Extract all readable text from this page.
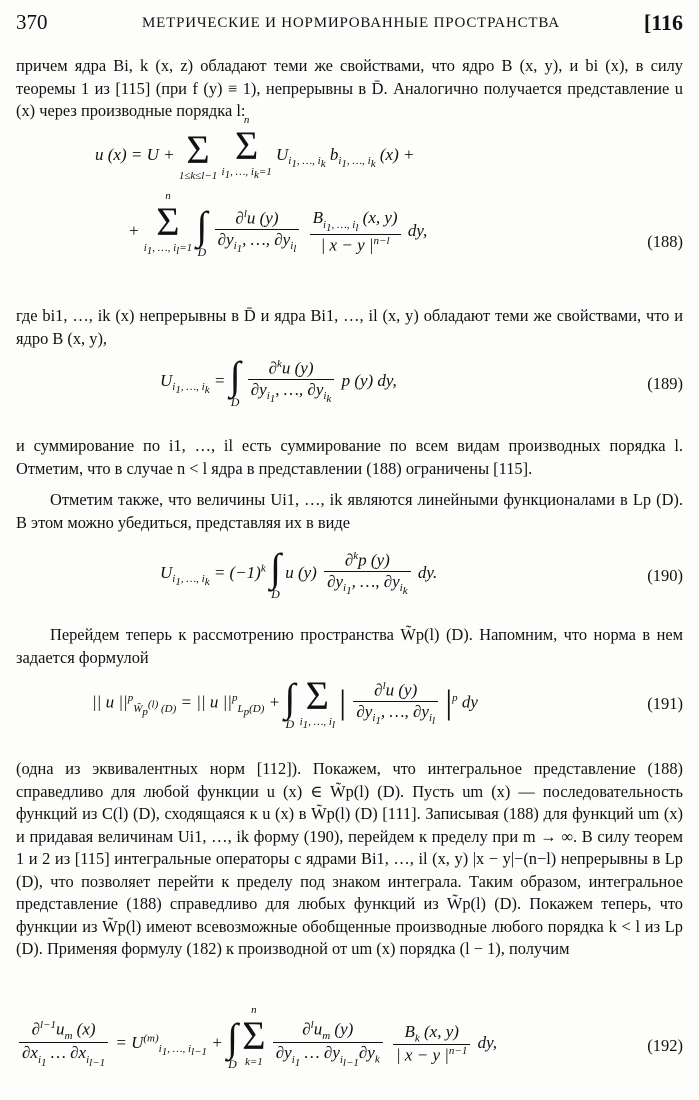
370	МЕТРИЧЕСКИЕ И НОРМИРОВАННЫЕ ПРОСТРАНСТВА	[116
причем ядра Bi, k (x, z) обладают теми же свойствами, что ядро B (x, y), и bi (x), в силу теоремы 1 из [115] (при f (y) ≡ 1), непрерывны в D̄. Аналогично получается представление u (x) через производные порядка l:
u (x) = U + Σ
1≤k≤l−1

n
Σ
$i_1$, …, $i_k=1$
$U_{i_1, \dots, i_k}$ $b_{i_1, \dots, i_k}$ (x) +
+
n
Σ
$i_1$, …, $i_l=1$

∫
D
$\frac{\partial^lu (y)}{\partial y_{i_1}, \dots, \partial y_{i_l}}$
$\frac{B_{i_1, \dots, i_l} (x, y)}{| x - y |^{n-l}}$ dy,
(188)
где bi1, …, ik (x) непрерывны в D̄ и ядра Bi1, …, il (x, y) обладают теми же свойствами, что и ядро B (x, y),
$U_{i_1, \dots, i_k}$ = ∫
D
$\frac{\partial^ku (y)}{\partial y_{i_1}, \dots, \partial y_{i_k}}$ p (y) dy,	(189)
и суммирование по i1, …, il есть суммирование по всем видам производных порядка l. Отметим, что в случае n < l ядра в представлении (188) ограничены [115].
Отметим также, что величины Ui1, …, ik являются линейными функционалами в Lp (D). В этом можно убедиться, представляя их в виде
$U_{i_1, \dots, i_k} = (-1)^k$ ∫
D
u $(y) \frac{\partial^kp (y)}{\partial y_{i_1}, \dots, \partial y_{i_k}}$ dy.	(190)
Перейдем теперь к рассмотрению пространства W̃p(l) (D). Напомним, что норма в нем задается формулой
|| u $||^p_{W̃_p^{(l)} (D)}$ = || u $||^p_{L_p(D)}$ + ∫
D

Σ
$i_1$, …, $i_l$
| $\frac{\partial^lu (y)}{\partial y_{i_1}, \dots, \partial y_{i_l}} |^p$ dy	(191)
(одна из эквивалентных норм [112]). Покажем, что интегральное представление (188) справедливо для любой функции u (x) ∈ W̃p(l) (D). Пусть um (x) — последовательность функций из C(l) (D), сходящаяся к u (x) в W̃p(l) (D) [111]. Записывая (188) для функций um (x) и придавая величинам Ui1, …, ik форму (190), перейдем к пределу при m → ∞. В силу теорем 1 и 2 из [115] интегральные операторы с ядрами Bi1, …, il (x, y) |x − y|−(n−l) непрерывны в Lp (D), что позволяет перейти к пределу под знаком интеграла. Таким образом, интегральное представление (188) справедливо для любых функций из W̃p(l) (D). Покажем теперь, что функции из W̃p(l) имеют всевозможные обобщенные производные любого порядка k < l из Lp (D). Применяя формулу (182) к производной от um (x) порядка (l − 1), получим
$\frac{\partial^{l-1}u_m (x)}{\partial x_{i_1} \dots \partial x_{i_{l-1}}} = U^{(m)}_{i_1, \dots, i_{l-1}}$ + ∫
D

n
Σ
k=1
$\frac{\partial^lu_m (y)}{\partial y_{i_1} \dots \partial y_{i_{l-1}}\partial y_k}$
$\frac{B_k (x, y)}{| x - y |^{n-1}}$ dy,	(192)
